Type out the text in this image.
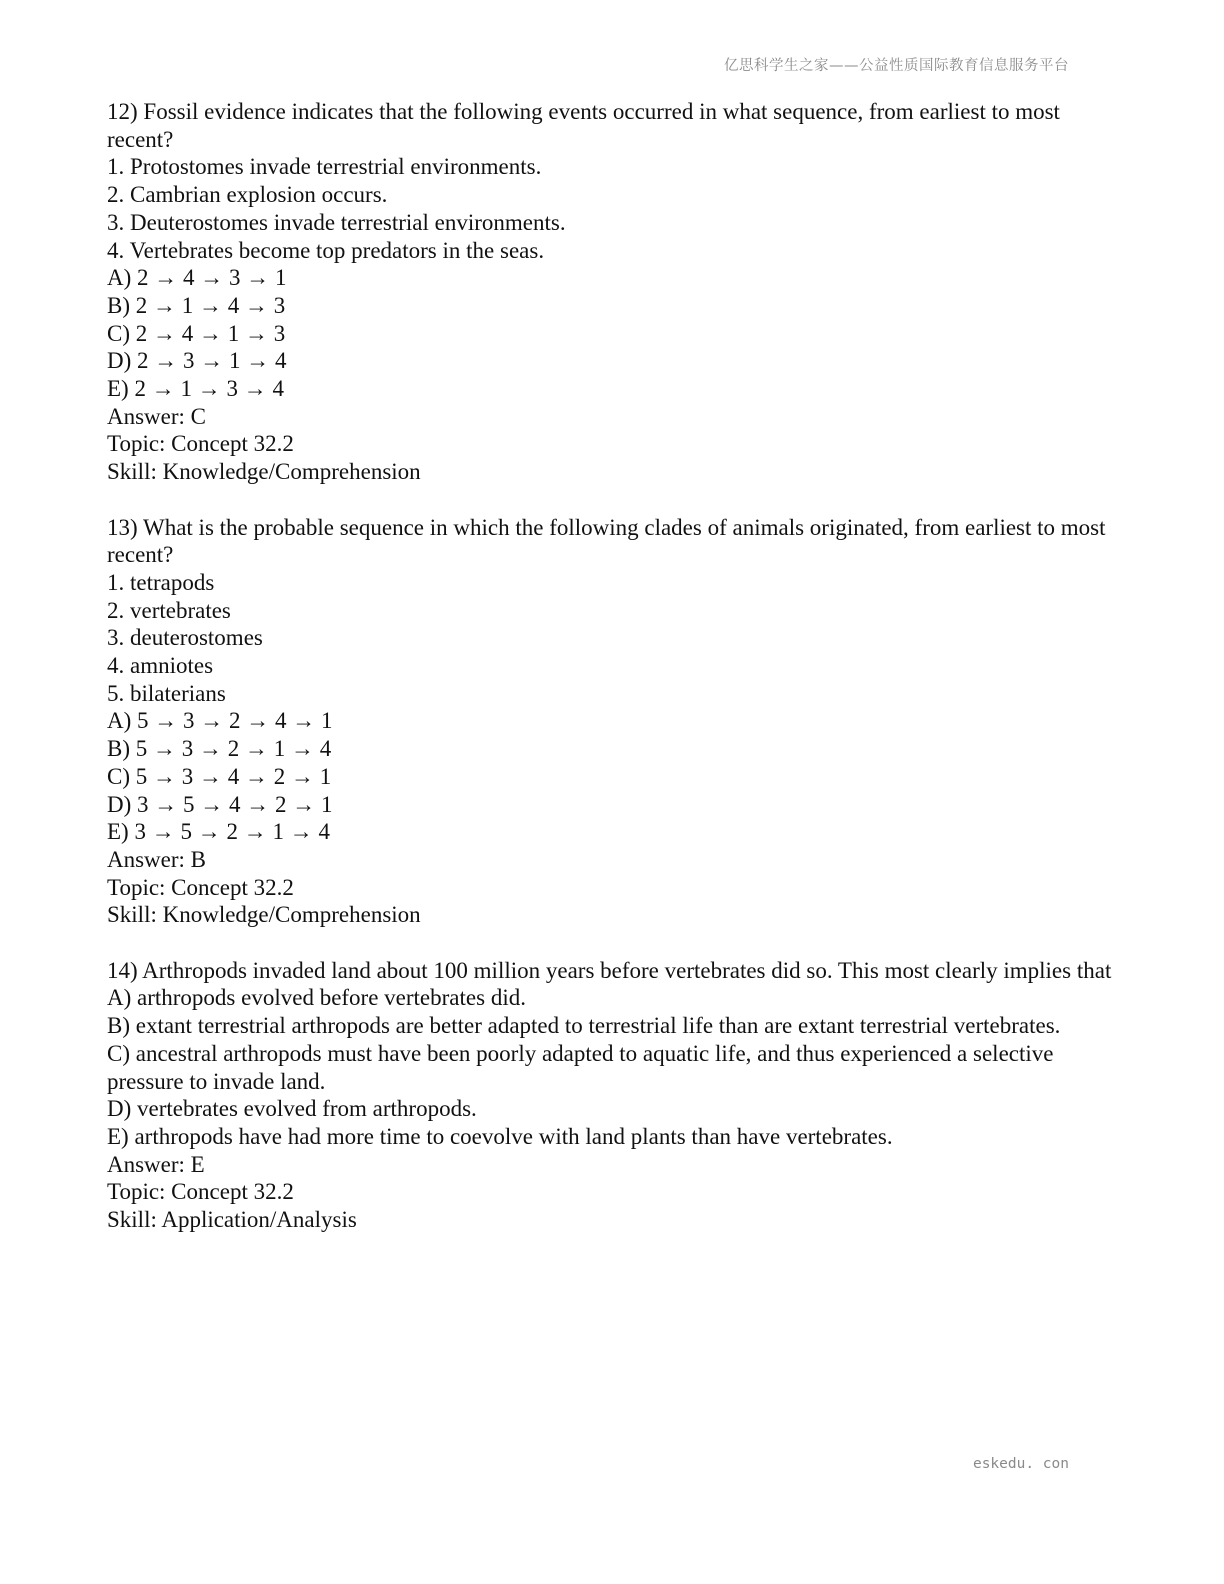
亿思科学生之家——公益性质国际教育信息服务平台
12) Fossil evidence indicates that the following events occurred in what sequence, from earliest to most recent?
1. Protostomes invade terrestrial environments.
2. Cambrian explosion occurs.
3. Deuterostomes invade terrestrial environments.
4. Vertebrates become top predators in the seas.
A) 2 → 4 → 3 → 1
B) 2 → 1 → 4 → 3
C) 2 → 4 → 1 → 3
D) 2 → 3 → 1 → 4
E) 2 → 1 → 3 → 4
Answer: C
Topic: Concept 32.2
Skill: Knowledge/Comprehension
13) What is the probable sequence in which the following clades of animals originated, from earliest to most recent?
1. tetrapods
2. vertebrates
3. deuterostomes
4. amniotes
5. bilaterians
A) 5 → 3 → 2 → 4 → 1
B) 5 → 3 → 2 → 1 → 4
C) 5 → 3 → 4 → 2 → 1
D) 3 → 5 → 4 → 2 → 1
E) 3 → 5 → 2 → 1 → 4
Answer: B
Topic: Concept 32.2
Skill: Knowledge/Comprehension
14) Arthropods invaded land about 100 million years before vertebrates did so. This most clearly implies that
A) arthropods evolved before vertebrates did.
B) extant terrestrial arthropods are better adapted to terrestrial life than are extant terrestrial vertebrates.
C) ancestral arthropods must have been poorly adapted to aquatic life, and thus experienced a selective pressure to invade land.
D) vertebrates evolved from arthropods.
E) arthropods have had more time to coevolve with land plants than have vertebrates.
Answer: E
Topic: Concept 32.2
Skill: Application/Analysis
eskedu. con
